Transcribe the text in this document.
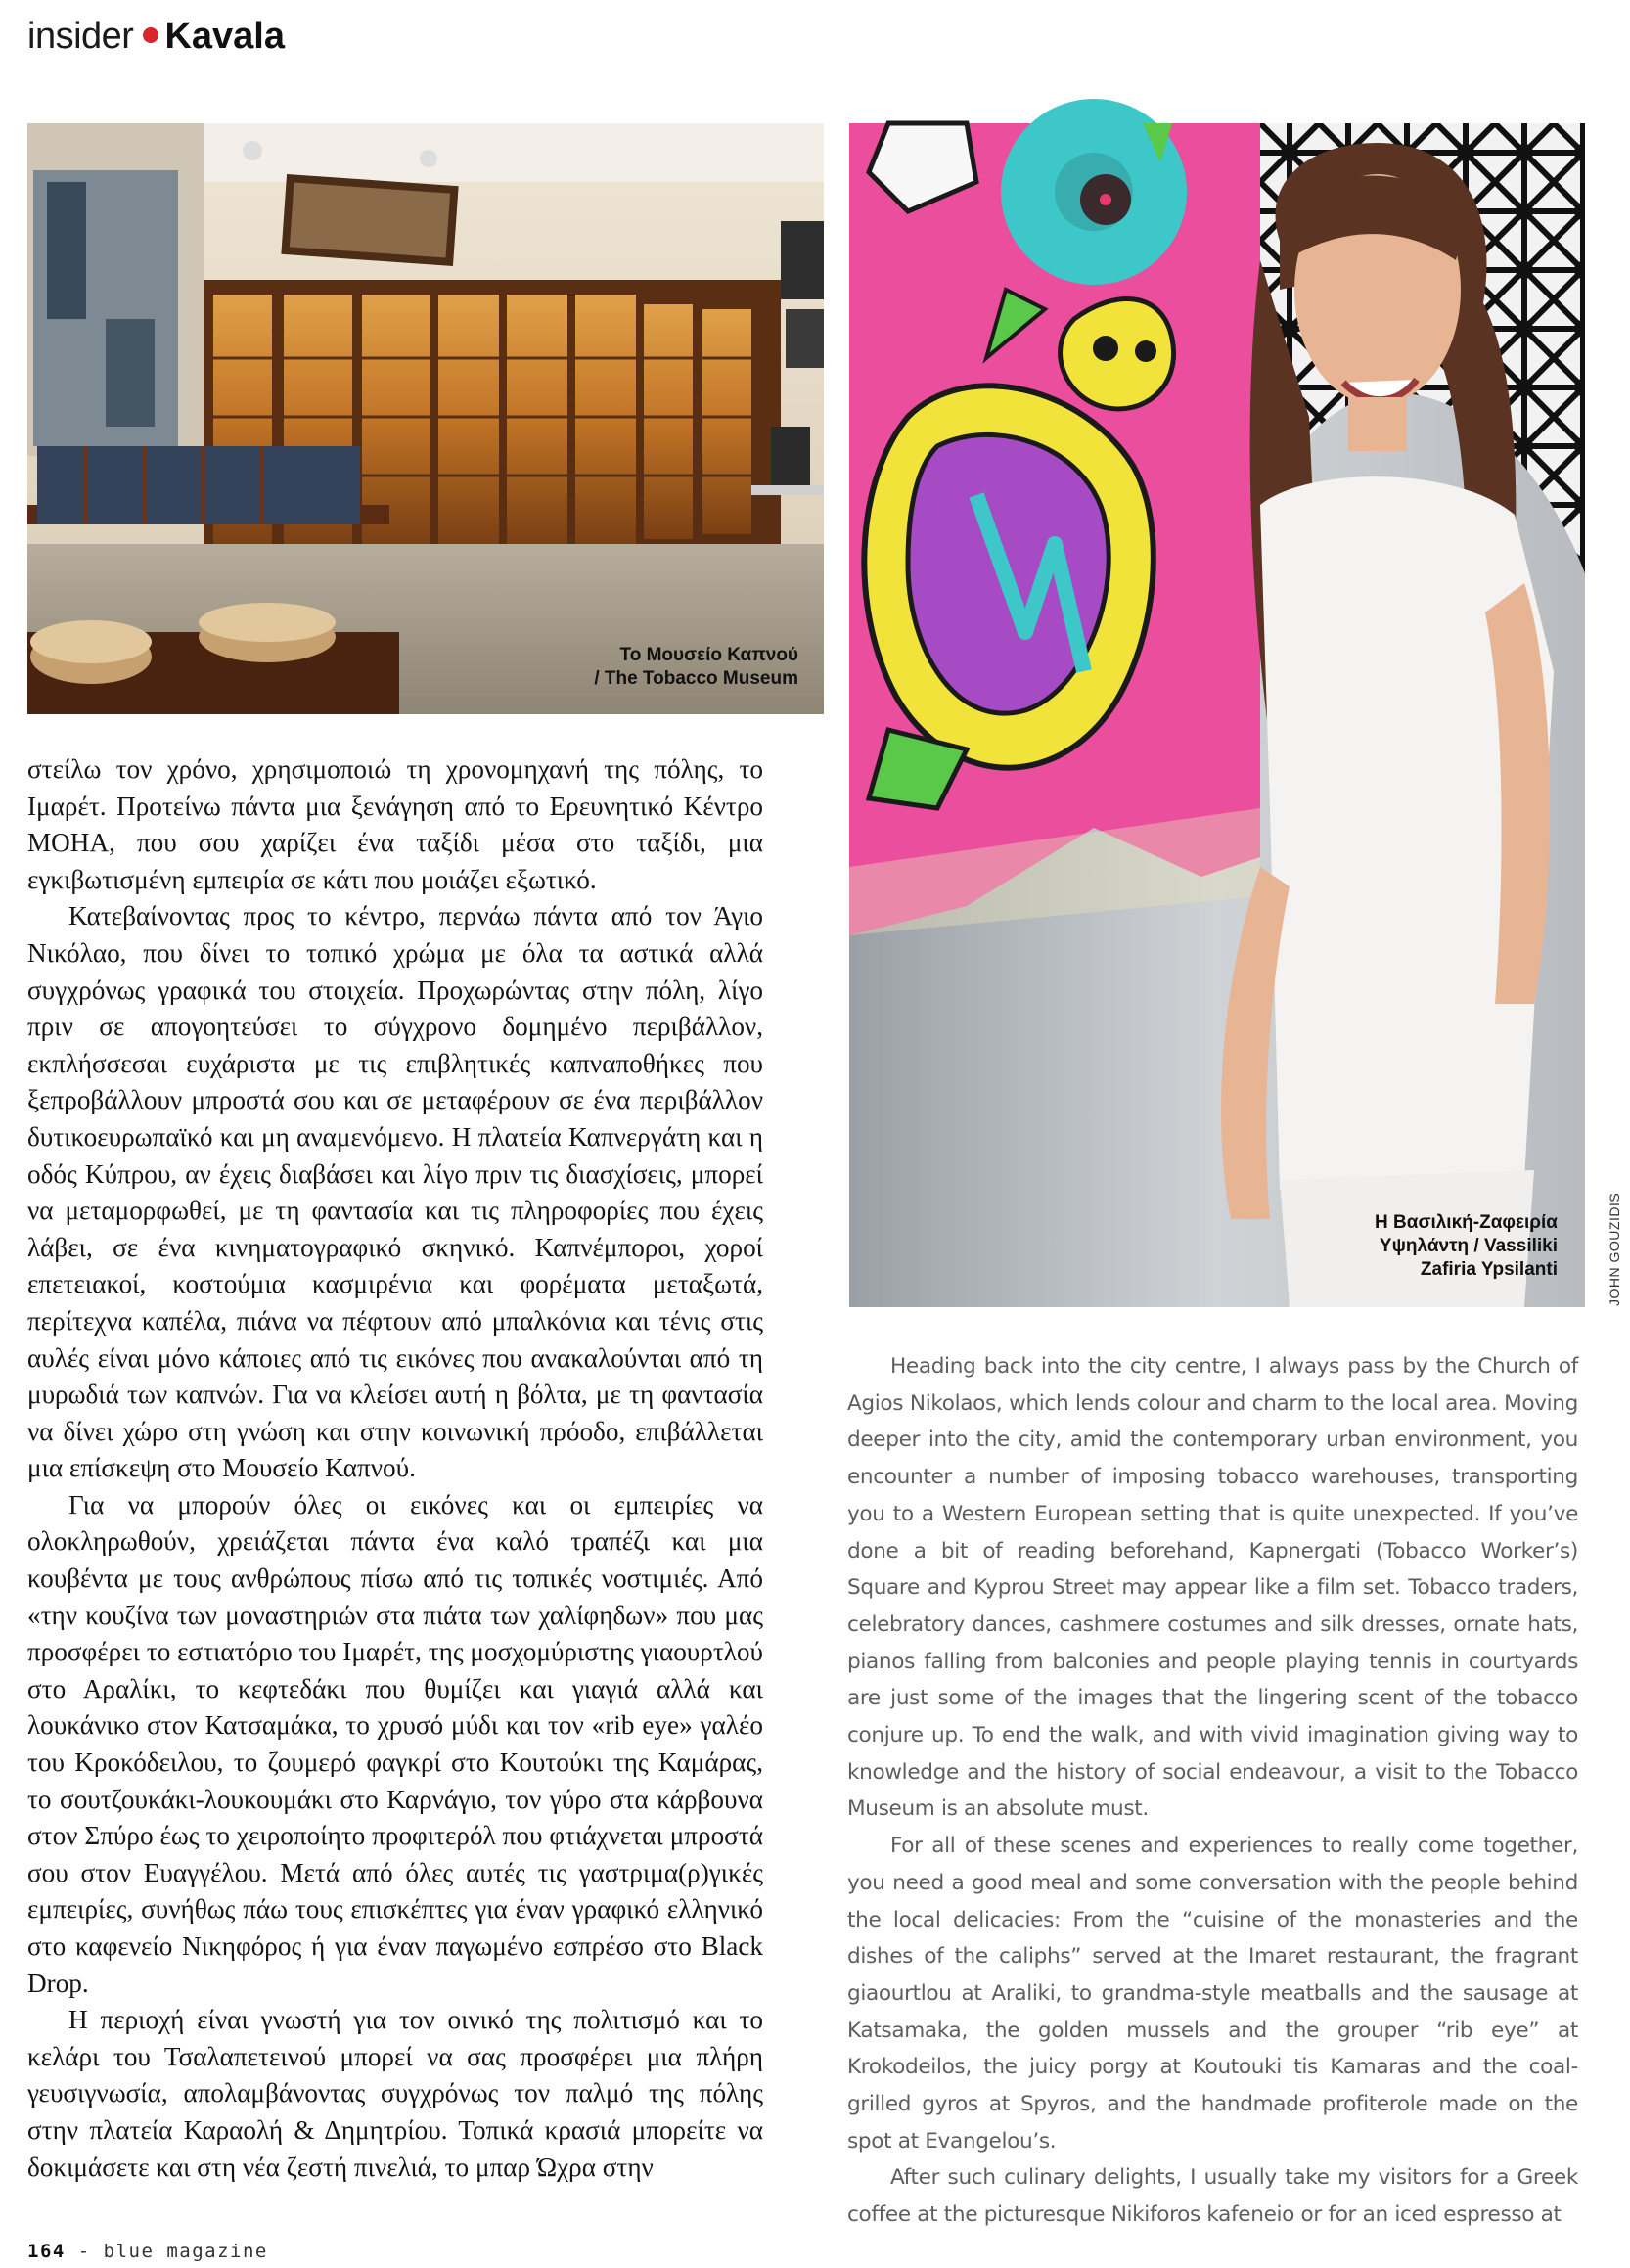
insider Kavala
Το Μουσείο Καπνού
/ The Tobacco Museum
Η Βασιλική-Ζαφειρία
Υψηλάντη / Vassiliki
Zafiria Ypsilanti	JOHN GOUZIDIS

στείλω τον χρόνο, χρησιμοποιώ τη χρονομηχανή της πόλης, το Ιμαρέτ. Προτείνω πάντα μια ξενάγηση από το Ερευνητικό Κέντρο ΜΟΗΑ, που σου χαρίζει ένα ταξίδι μέσα στο ταξίδι, μια εγκιβωτισμένη εμπειρία σε κάτι που μοιάζει εξωτικό.

Κατεβαίνοντας προς το κέντρο, περνάω πάντα από τον Άγιο Νικόλαο, που δίνει το τοπικό χρώμα με όλα τα αστικά αλλά συγχρόνως γραφικά του στοιχεία. Προχωρώντας στην πόλη, λίγο πριν σε απογοητεύσει το σύγχρονο δομημένο περιβάλλον, εκπλήσσεσαι ευχάριστα με τις επιβλητικές καπναποθήκες που ξεπροβάλλουν μπροστά σου και σε μεταφέρουν σε ένα περιβάλλον δυτικοευρωπαϊκό και μη αναμενόμενο. Η πλατεία Καπνεργάτη και η οδός Κύπρου, αν έχεις διαβάσει και λίγο πριν τις διασχίσεις, μπορεί να μεταμορφωθεί, με τη φαντασία και τις πληροφορίες που έχεις λάβει, σε ένα κινηματογραφικό σκηνικό. Καπνέμποροι, χοροί επετειακοί, κοστούμια κασμιρένια και φορέματα μεταξωτά, περίτεχνα καπέλα, πιάνα να πέφτουν από μπαλκόνια και τένις στις αυλές είναι μόνο κάποιες από τις εικόνες που ανακαλούνται από τη μυρωδιά των καπνών. Για να κλείσει αυτή η βόλτα, με τη φαντασία να δίνει χώρο στη γνώση και στην κοινωνική πρόοδο, επιβάλλεται μια επίσκεψη στο Μουσείο Καπνού.

Για να μπορούν όλες οι εικόνες και οι εμπειρίες να ολοκληρωθούν, χρειάζεται πάντα ένα καλό τραπέζι και μια κουβέντα με τους ανθρώπους πίσω από τις τοπικές νοστιμιές. Από «την κουζίνα των μοναστηριών στα πιάτα των χαλίφηδων» που μας προσφέρει το εστιατόριο του Ιμαρέτ, της μοσχομύριστης γιαουρτλού στο Αραλίκι, το κεφτεδάκι που θυμίζει και γιαγιά αλλά και λουκάνικο στον Κατσαμάκα, το χρυσό μύδι και τον «rib eye» γαλέο του Κροκόδειλου, το ζουμερό φαγκρί στο Κουτούκι της Καμάρας, το σουτζουκάκι-λουκουμάκι στο Καρνάγιο, τον γύρο στα κάρβουνα στον Σπύρο έως το χειροποίητο προφιτερόλ που φτιάχνεται μπροστά σου στον Ευαγγέλου. Μετά από όλες αυτές τις γαστριμα(ρ)γικές εμπειρίες, συνήθως πάω τους επισκέπτες για έναν γραφικό ελληνικό στο καφενείο Νικηφόρος ή για έναν παγωμένο εσπρέσο στο Black Drop.

Η περιοχή είναι γνωστή για τον οινικό της πολιτισμό και το κελάρι του Τσαλαπετεινού μπορεί να σας προσφέρει μια πλήρη γευσιγνωσία, απολαμβάνοντας συγχρόνως τον παλμό της πόλης στην πλατεία Καραολή & Δημητρίου. Τοπικά κρασιά μπορείτε να δοκιμάσετε και στη νέα ζεστή πινελιά, το μπαρ Ώχρα στην

Heading back into the city centre, I always pass by the Church of Agios Nikolaos, which lends colour and charm to the local area. Moving deeper into the city, amid the contemporary urban environment, you encounter a number of imposing tobacco warehouses, transporting you to a Western European setting that is quite unexpected. If you’ve done a bit of reading beforehand, Kapnergati (Tobacco Worker’s) Square and Kyprou Street may appear like a film set. Tobacco traders, celebratory dances, cashmere costumes and silk dresses, ornate hats, pianos falling from balconies and people playing tennis in courtyards are just some of the images that the lingering scent of the tobacco conjure up. To end the walk, and with vivid imagination giving way to knowledge and the history of social endeavour, a visit to the Tobacco Museum is an absolute must.

For all of these scenes and experiences to really come together, you need a good meal and some conversation with the people behind the local delicacies: From the “cuisine of the monasteries and the dishes of the caliphs” served at the Imaret restaurant, the fragrant giaourtlou at Araliki, to grandma-style meatballs and the sausage at Katsamaka, the golden mussels and the grouper “rib eye” at Krokodeilos, the juicy porgy at Koutouki tis Kamaras and the coal-grilled gyros at Spyros, and the handmade profiterole made on the spot at Evangelou’s.

After such culinary delights, I usually take my visitors for a Greek coffee at the picturesque Nikiforos kafeneio or for an iced espresso at

164 - blue magazine
